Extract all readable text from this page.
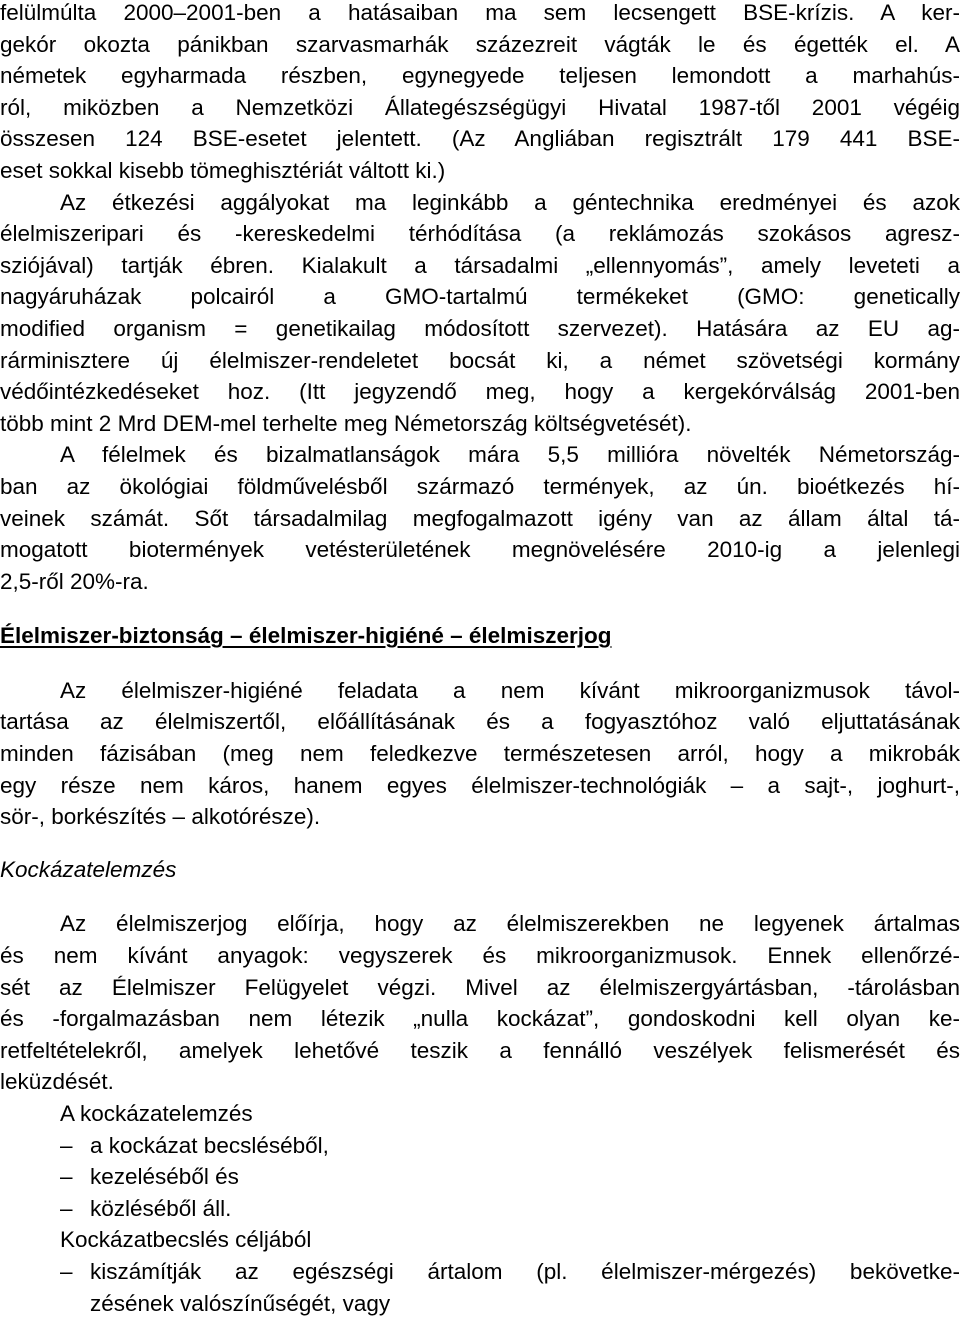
felülmúlta 2000–2001-ben a hatásaiban ma sem lecsengett BSE-krízis. A ker-
gekór okozta pánikban szarvasmarhák százezreit vágták le és égették el. A
németek egyharmada részben, egynegyede teljesen lemondott a marhahús-
ról, miközben a Nemzetközi Állategészségügyi Hivatal 1987-től 2001 végéig
összesen 124 BSE-esetet jelentett. (Az Angliában regisztrált 179 441 BSE-
eset sokkal kisebb tömeghisztériát váltott ki.)
Az étkezési aggályokat ma leginkább a géntechnika eredményei és azok
élelmiszeripari és -kereskedelmi térhódítása (a reklámozás szokásos agresz-
sziójával) tartják ébren. Kialakult a társadalmi „ellennyomás”, amely leveteti a
nagyáruházak polcairól a GMO-tartalmú termékeket (GMO: genetically
modified organism = genetikailag módosított szervezet). Hatására az EU ag-
rárminisztere új élelmiszer-rendeletet bocsát ki, a német szövetségi kormány
védőintézkedéseket hoz. (Itt jegyzendő meg, hogy a kergekórválság 2001-ben
több mint 2 Mrd DEM-mel terhelte meg Németország költségvetését).
A félelmek és bizalmatlanságok mára 5,5 millióra növelték Németország-
ban az ökológiai földművelésből származó termények, az ún. bioétkezés hí-
veinek számát. Sőt társadalmilag megfogalmazott igény van az állam által tá-
mogatott biotermények vetésterületének megnövelésére 2010-ig a jelenlegi
2,5-ről 20%-ra.
Élelmiszer-biztonság – élelmiszer-higiéné – élelmiszerjog
Az élelmiszer-higiéné feladata a nem kívánt mikroorganizmusok távol-
tartása az élelmiszertől, előállításának és a fogyasztóhoz való eljuttatásának
minden fázisában (meg nem feledkezve természetesen arról, hogy a mikrobák
egy része nem káros, hanem egyes élelmiszer-technológiák – a sajt-, joghurt-,
sör-, borkészítés – alkotórésze).
Kockázatelemzés
Az élelmiszerjog előírja, hogy az élelmiszerekben ne legyenek ártalmas
és nem kívánt anyagok: vegyszerek és mikroorganizmusok. Ennek ellenőrzé-
sét az Élelmiszer Felügyelet végzi. Mivel az élelmiszergyártásban, -tárolásban
és -forgalmazásban nem létezik „nulla kockázat”, gondoskodni kell olyan ke-
retfeltételekről, amelyek lehetővé teszik a fennálló veszélyek felismerését és
leküzdését.
A kockázatelemzés
– a kockázat becsléséből,
– kezeléséből és
– közléséből áll.
Kockázatbecslés céljából
– kiszámítják az egészségi ártalom (pl. élelmiszer-mérgezés) bekövetke-
zésének valószínűségét, vagy
